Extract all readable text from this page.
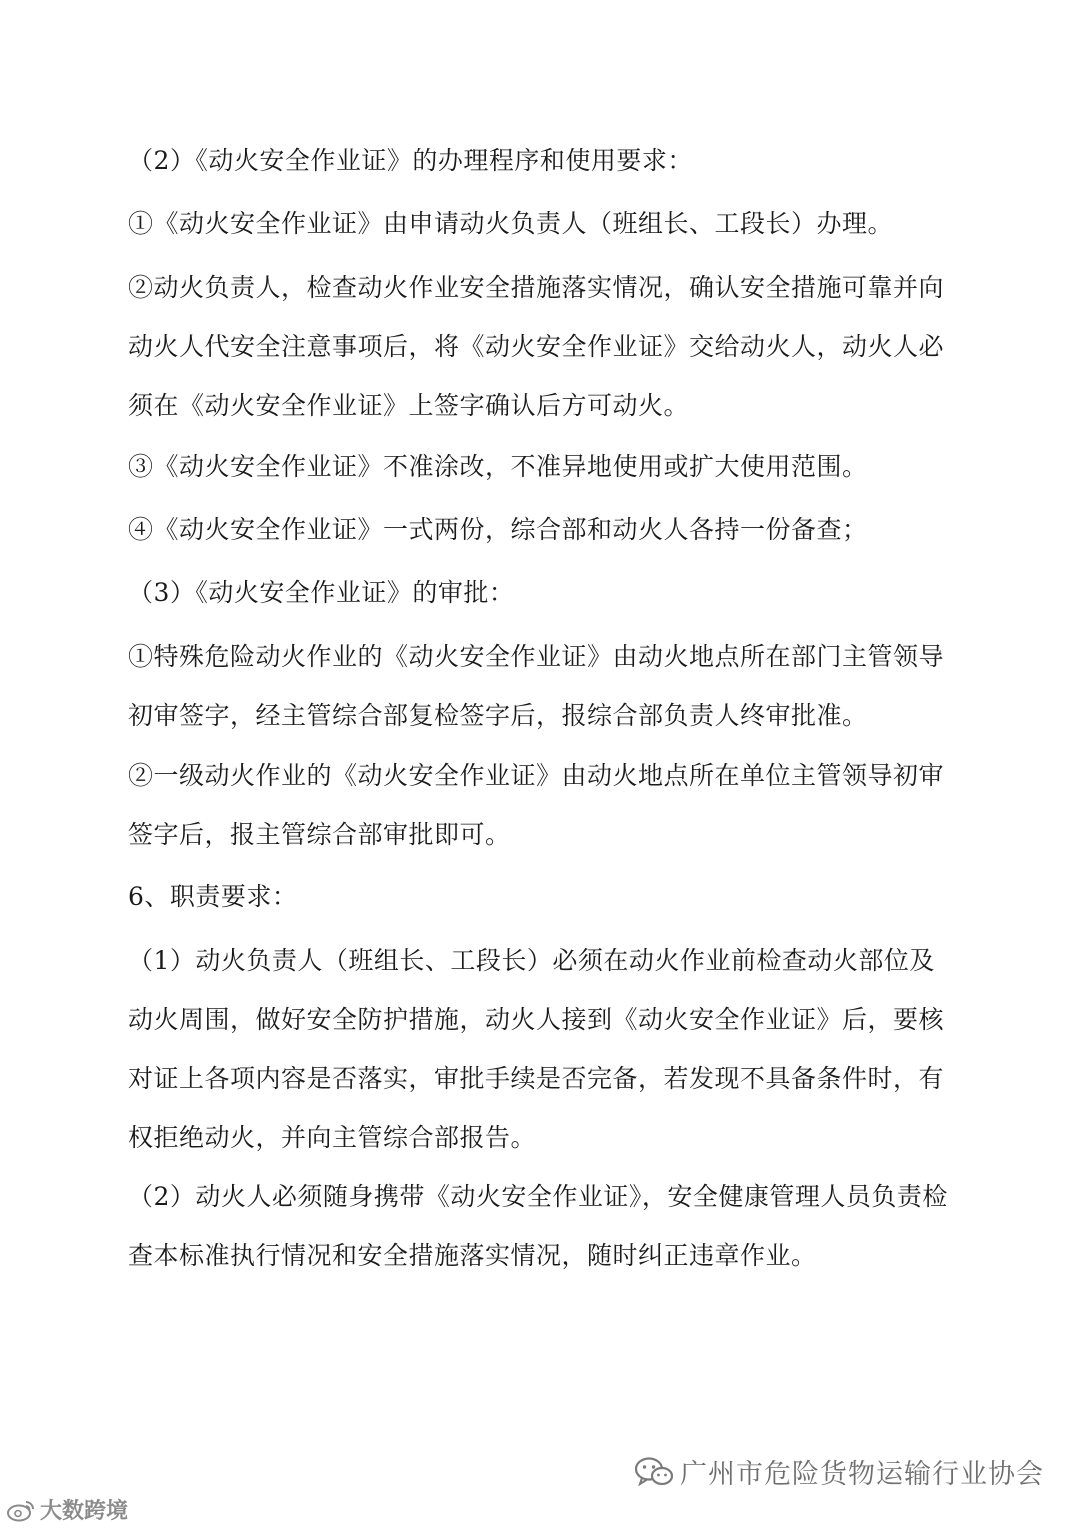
（2）《动火安全作业证》的办理程序和使用要求：

①《动火安全作业证》由申请动火负责人（班组长、工段长）办理。

②动火负责人，检查动火作业安全措施落实情况，确认安全措施可靠并向动火人代安全注意事项后，将《动火安全作业证》交给动火人，动火人必须在《动火安全作业证》上签字确认后方可动火。

③《动火安全作业证》不准涂改，不准异地使用或扩大使用范围。

④《动火安全作业证》一式两份，综合部和动火人各持一份备查；

（3）《动火安全作业证》的审批：

①特殊危险动火作业的《动火安全作业证》由动火地点所在部门主管领导初审签字，经主管综合部复检签字后，报综合部负责人终审批准。

②一级动火作业的《动火安全作业证》由动火地点所在单位主管领导初审签字后，报主管综合部审批即可。

6、职责要求：

（1）动火负责人（班组长、工段长）必须在动火作业前检查动火部位及动火周围，做好安全防护措施，动火人接到《动火安全作业证》后，要核对证上各项内容是否落实，审批手续是否完备，若发现不具备条件时，有权拒绝动火，并向主管综合部报告。

（2）动火人必须随身携带《动火安全作业证》，安全健康管理人员负责检查本标准执行情况和安全措施落实情况，随时纠正违章作业。

广州市危险货物运输行业协会
大数跨境
